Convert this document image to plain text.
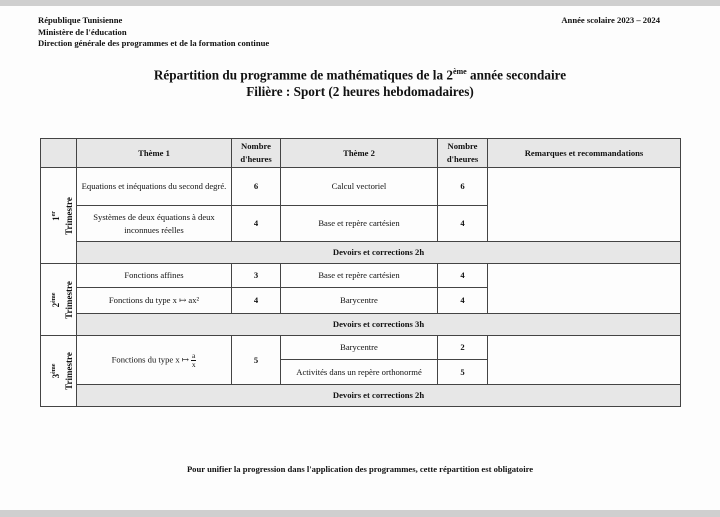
République Tunisienne
Ministère de l'éducation
Direction générale des programmes et de la formation continue
Année scolaire 2023 – 2024
Répartition du programme de mathématiques de la 2ème année secondaire
Filière : Sport (2 heures hebdomadaires)
	Thème 1	Nombre d'heures	Thème 2	Nombre d'heures	Remarques et recommandations
1er Trimestre	Equations et inéquations du second degré.	6	Calcul vectoriel	6	
	Systèmes de deux équations à deux inconnues réelles	4	Base et repère cartésien	4	
	Devoirs et corrections 2h				
2ème Trimestre	Fonctions affines	3	Base et repère cartésien	4	
	Fonctions du type x ↦ ax²	4	Barycentre	4	
	Devoirs et corrections 3h				
3ème Trimestre	Fonctions du type x ↦ $\frac{a}{x}$	5	Barycentre	2	
			Activités dans un repère orthonormé	5	
	Devoirs et corrections 2h				
Pour unifier la progression dans l'application des programmes, cette répartition est obligatoire
